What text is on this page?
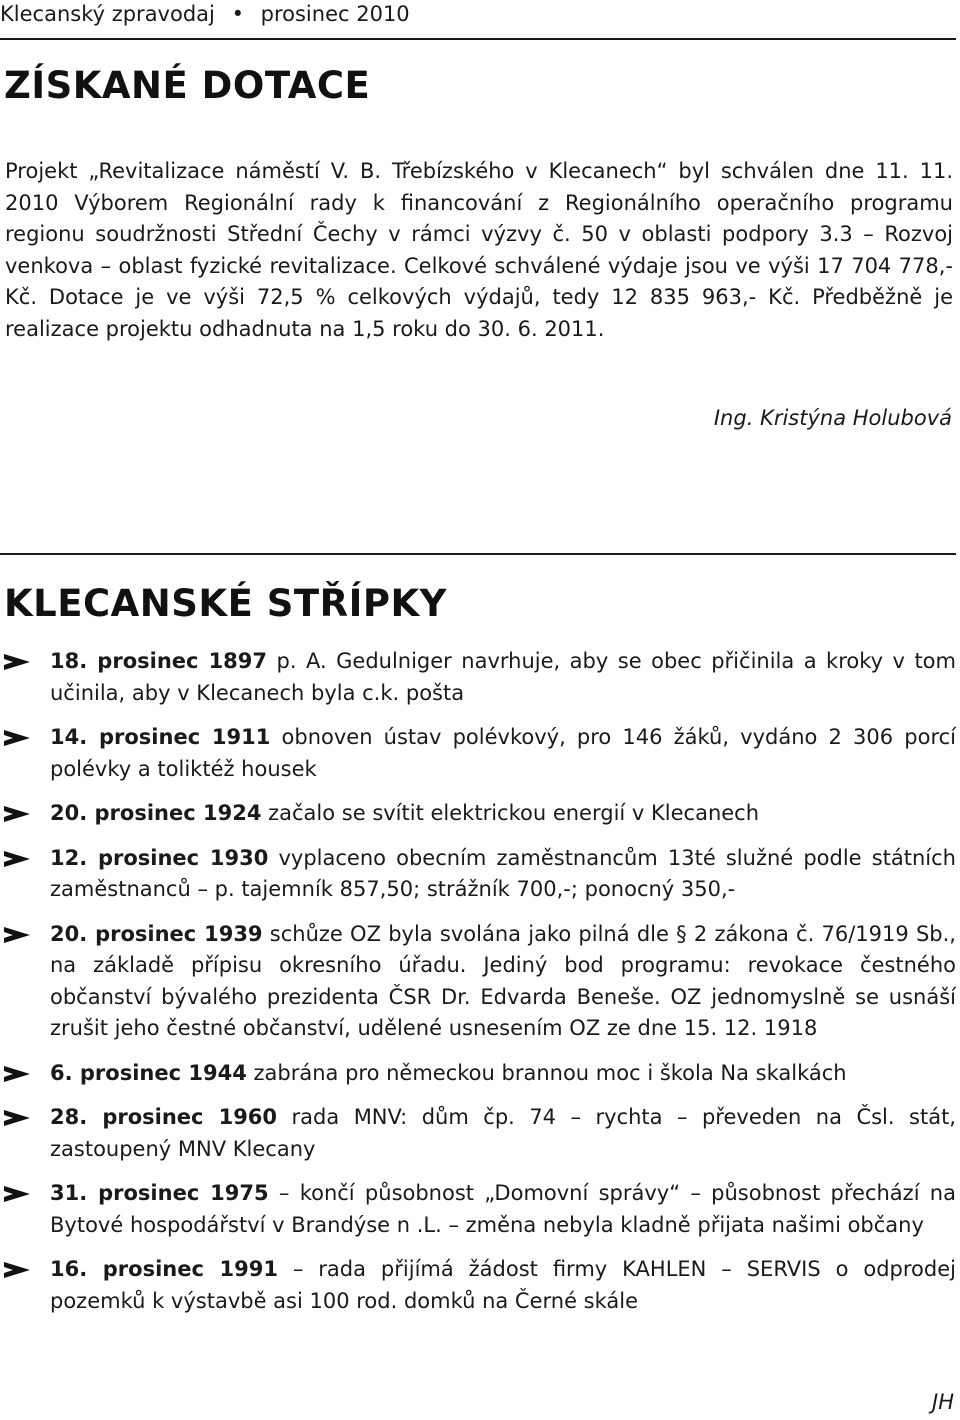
Klecanský zpravodaj • prosinec 2010
ZÍSKANÉ DOTACE

Projekt „Revitalizace náměstí V. B. Třebízského v Klecanech“ byl schválen dne 11. 11. 2010 Výborem Regionální rady k financování z Regionálního operačního programu regionu soudržnosti Střední Čechy v rámci výzvy č. 50 v oblasti podpory 3.3 – Rozvoj venkova – oblast fyzické revitalizace. Celkové schválené výdaje jsou ve výši 17 704 778,- Kč. Dotace je ve výši 72,5 % celkových výdajů, tedy 12 835 963,- Kč. Předběžně je realizace projektu odhadnuta na 1,5 roku do 30. 6. 2011.

Ing. Kristýna Holubová
KLECANSKÉ STŘÍPKY
18. prosinec 1897 p. A. Gedulniger navrhuje, aby se obec přičinila a kroky v tom učinila, aby v Klecanech byla c.k. pošta
14. prosinec 1911 obnoven ústav polévkový, pro 146 žáků, vydáno 2 306 porcí polévky a toliktéž housek
20. prosinec 1924 začalo se svítit elektrickou energií v Klecanech
12. prosinec 1930 vyplaceno obecním zaměstnancům 13té služné podle státních zaměstnanců – p. tajemník 857,50; strážník 700,-; ponocný 350,-
20. prosinec 1939 schůze OZ byla svolána jako pilná dle § 2 zákona č. 76/1919 Sb., na základě přípisu okresního úřadu. Jediný bod programu: revokace čestného občanství bývalého prezidenta ČSR Dr. Edvarda Beneše. OZ jednomyslně se usnáší zrušit jeho čestné občanství, udělené usnesením OZ ze dne 15. 12. 1918
6. prosinec 1944 zabrána pro německou brannou moc i škola Na skalkách
28. prosinec 1960 rada MNV: dům čp. 74 – rychta – převeden na Čsl. stát, zastoupený MNV Klecany
31. prosinec 1975 – končí působnost „Domovní správy“ – působnost přechází na Bytové hospodářství v Brandýse n .L. – změna nebyla kladně přijata našimi občany
16. prosinec 1991 – rada přijímá žádost firmy KAHLEN – SERVIS o odprodej pozemků k výstavbě asi 100 rod. domků na Černé skále
JH
